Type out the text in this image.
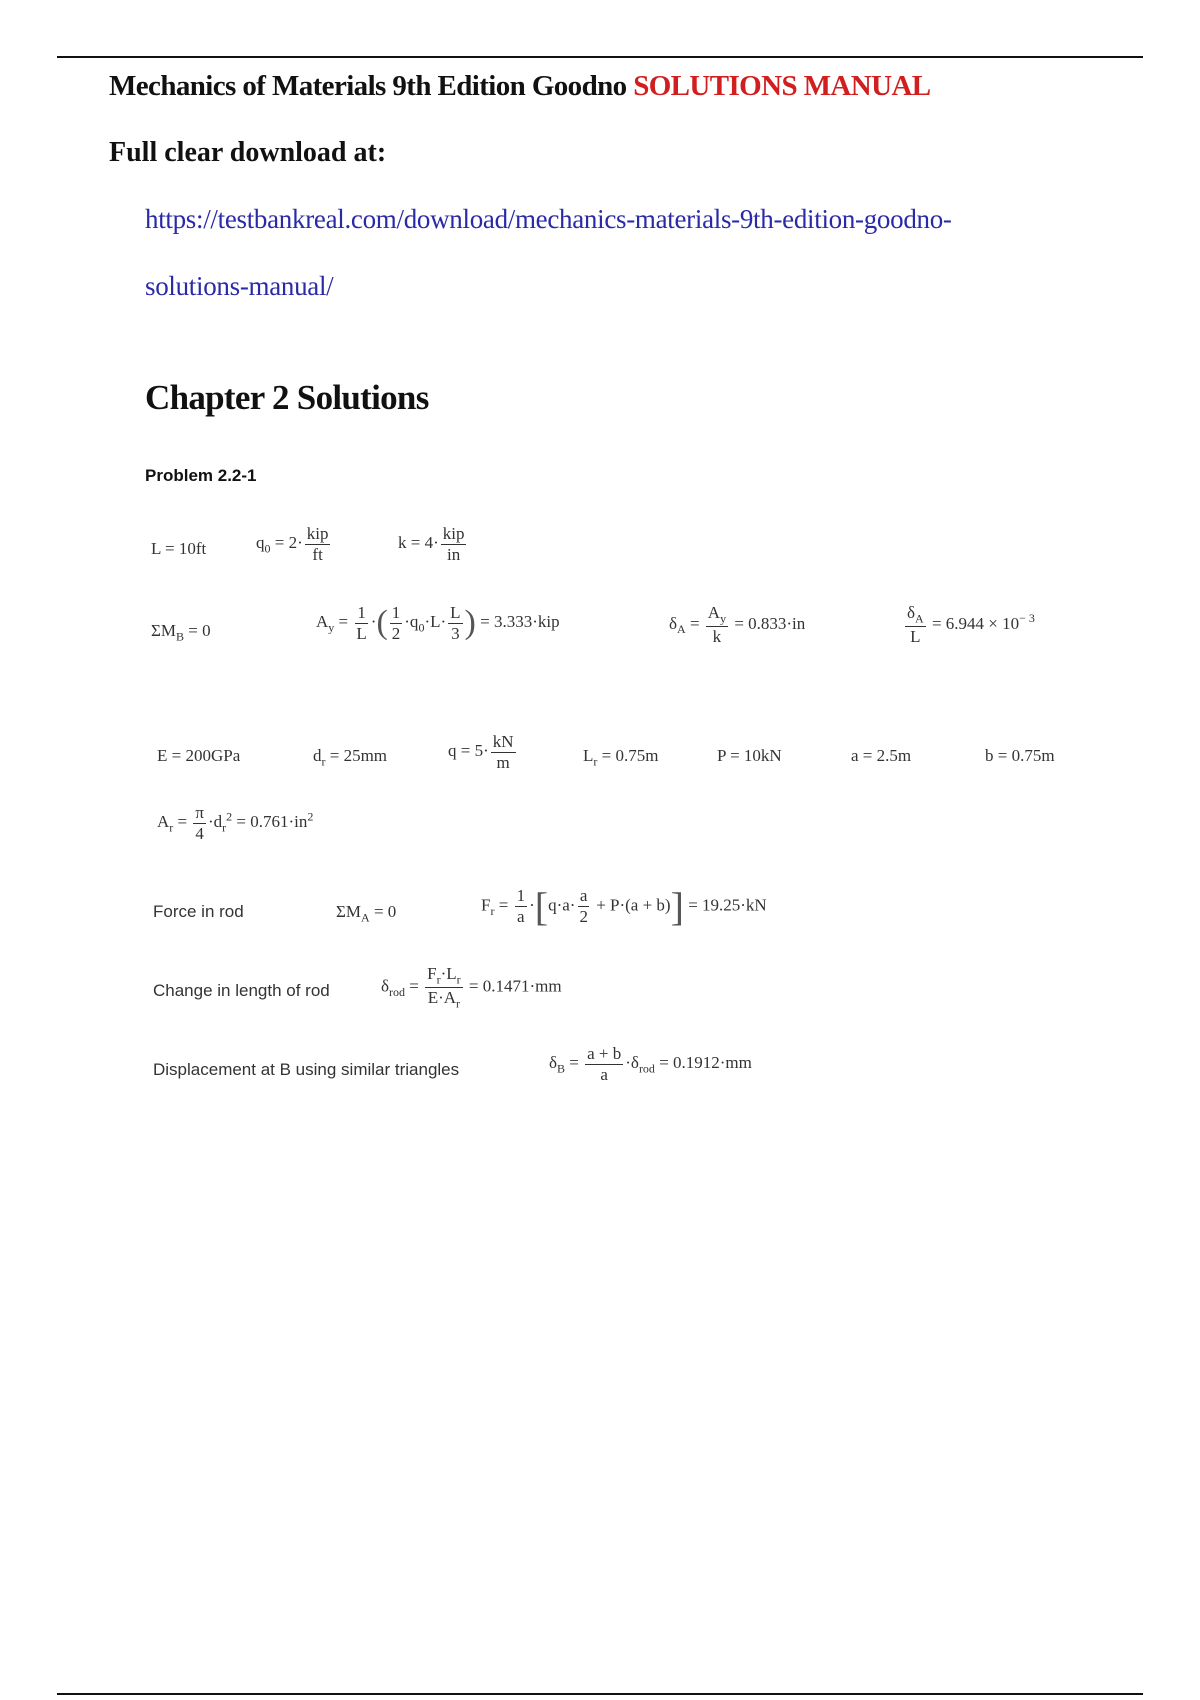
Mechanics of Materials 9th Edition Goodno SOLUTIONS MANUAL
Full clear download at:
https://testbankreal.com/download/mechanics-materials-9th-edition-goodno-
solutions-manual/
Chapter 2 Solutions
Problem 2.2-1
L = 10ft	$q_0 = 2\cdot \frac{\text{kip}}{ft}$	$k = 4\cdot \frac{\text{kip}}{in}$
$\Sigma M_B = 0$	$A_y = \frac{1}{L}$ ·( $\frac{1}{2} \cdot q_0\cdot L\cdot \frac{L}{3}$ ) = 3.333·kip	$\delta_A = \frac{A_y}{k} = 0.833\cdot in$	$\frac{\delta_A}{L} = 6.944 \times 10^{- 3}$
E = 200GPa	$d_r = 25mm$	$q = 5\cdot \frac{kN}{m}$	$L_r = 0.75m$	P = 10kN	a = 2.5m	b = 0.75m
$A_r = \frac{\pi}{4} \cdot d_r^2 = 0.761\cdot in^2$
Force in rod	$\Sigma M_A = 0$	$F_r = \frac{1}{a} \cdot[q\cdot a\cdot \frac{a}{2} + P\cdot(a + b)] = 19.25\cdot kN$
Change in length of rod	$\delta_{rod} = \frac{F_r\cdot L_r}{E\cdot A_r} = 0.1471\cdot mm$
Displacement at B using similar triangles	$\delta_B = \frac{a + b}{a} \cdot\delta_{rod} = 0.1912\cdot mm$
